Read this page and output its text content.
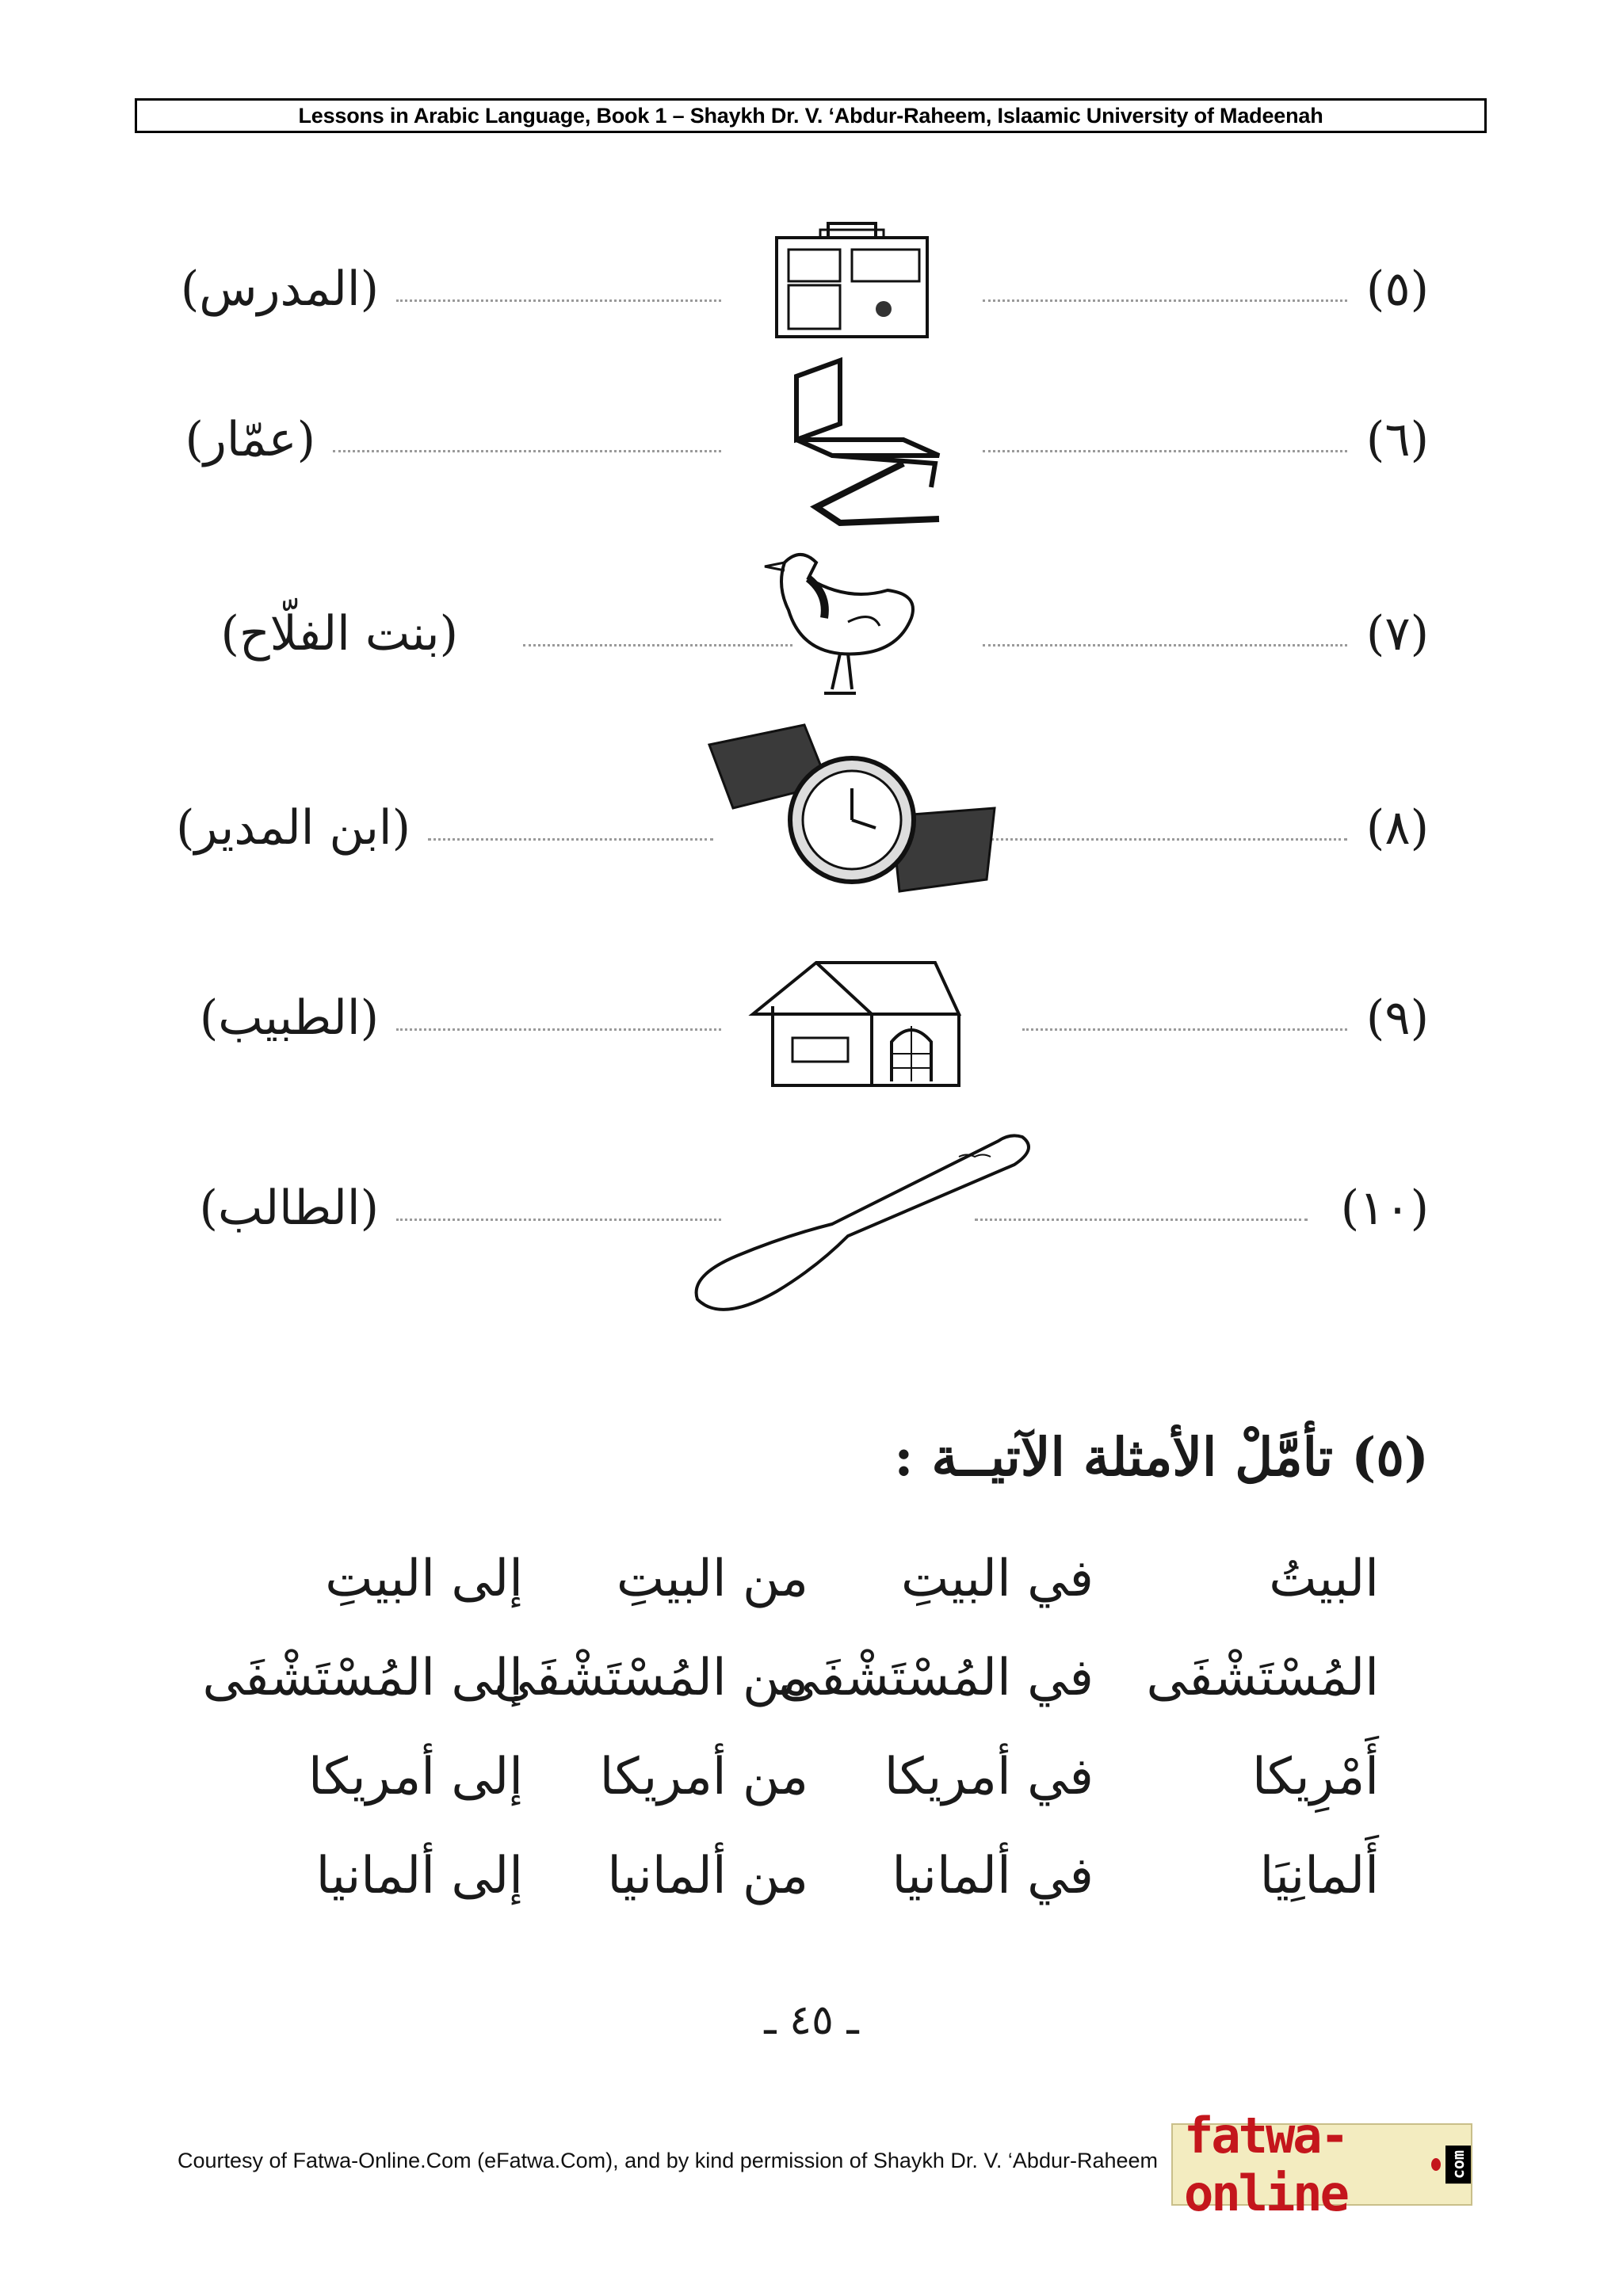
Lessons in Arabic Language, Book 1 – Shaykh Dr. V. ‘Abdur-Raheem, Islaamic University of Madeenah
(٥)
(المدرس)
(٦)
(عمّار)
(٧)
(بنت الفلّاح)
(٨)
(ابن المدير)
(٩)
(الطبيب)
(١٠)
(الطالب)
(٥) تأمَّلْ الأمثلة الآتيــة :
البيتُ
في البيتِ
من البيتِ
إلى البيتِ
المُسْتَشْفَى
في المُسْتَشْفَى
من المُسْتَشْفَى
إلى المُسْتَشْفَى
أَمْرِيكا
في أمريكا
من أمريكا
إلى أمريكا
أَلمانِيَا
في ألمانيا
من ألمانيا
إلى ألمانيا
ـ ٤٥ ـ
Courtesy of Fatwa-Online.Com (eFatwa.Com), and by kind permission of Shaykh Dr. V. ‘Abdur-Raheem fatwa-online	com
